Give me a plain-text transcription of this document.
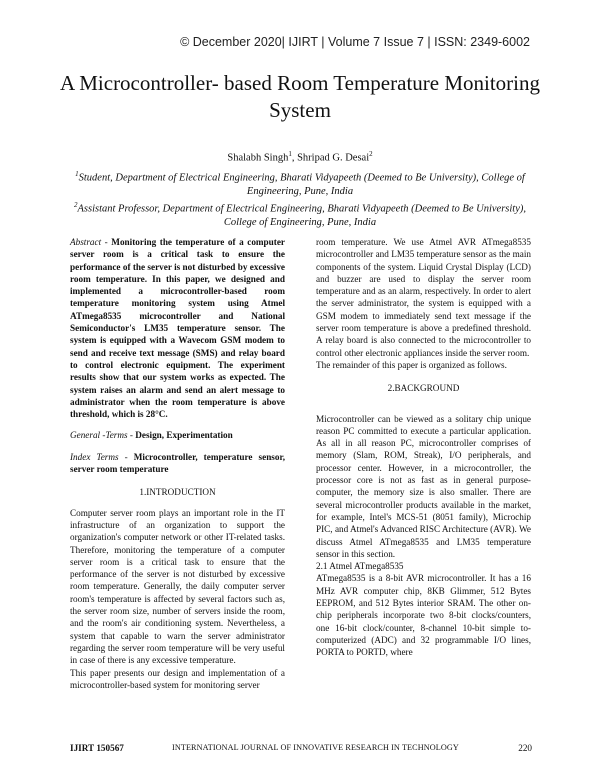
© December 2020| IJIRT | Volume 7 Issue 7 | ISSN: 2349-6002
A Microcontroller- based Room Temperature Monitoring System
Shalabh Singh$^1$, Shripad G. Desai$^2$
$^1$Student, Department of Electrical Engineering, Bharati Vidyapeeth (Deemed to Be University), College of Engineering, Pune, India
$^2$Assistant Professor, Department of Electrical Engineering, Bharati Vidyapeeth (Deemed to Be University), College of Engineering, Pune, India

Abstract - Monitoring the temperature of a computer server room is a critical task to ensure the performance of the server is not disturbed by excessive room temperature. In this paper, we designed and implemented a microcontroller-based room temperature monitoring system using Atmel ATmega8535 microcontroller and National Semiconductor's LM35 temperature sensor. The system is equipped with a Wavecom GSM modem to send and receive text message (SMS) and relay board to control electronic equipment. The experiment results show that our system works as expected. The system raises an alarm and send an alert message to administrator when the room temperature is above threshold, which is 28°C.

General -Terms - Design, Experimentation

Index Terms - Microcontroller, temperature sensor, server room temperature

1.INTRODUCTION

Computer server room plays an important role in the IT infrastructure of an organization to support the organization's computer network or other IT-related tasks. Therefore, monitoring the temperature of a computer server room is a critical task to ensure that the performance of the server is not disturbed by excessive room temperature. Generally, the daily computer server room's temperature is affected by several factors such as, the server room size, number of servers inside the room, and the room's air conditioning system. Nevertheless, a system that capable to warn the server administrator regarding the server room temperature will be very useful in case of there is any excessive temperature.

This paper presents our design and implementation of a microcontroller-based system for monitoring server

room temperature. We use Atmel AVR ATmega8535 microcontroller and LM35 temperature sensor as the main components of the system. Liquid Crystal Display (LCD) and buzzer are used to display the server room temperature and as an alarm, respectively. In order to alert the server administrator, the system is equipped with a GSM modem to immediately send text message if the server room temperature is above a predefined threshold. A relay board is also connected to the microcontroller to control other electronic appliances inside the server room.

The remainder of this paper is organized as follows.

2.BACKGROUND

Microcontroller can be viewed as a solitary chip unique reason PC committed to execute a particular application. As all in all reason PC, microcontroller comprises of memory (Slam, ROM, Streak), I/O peripherals, and processor center. However, in a microcontroller, the processor core is not as fast as in general purpose-computer, the memory size is also smaller. There are several microcontroller products available in the market, for example, Intel's MCS-51 (8051 family), Microchip PIC, and Atmel's Advanced RISC Architecture (AVR). We discuss Atmel ATmega8535 and LM35 temperature sensor in this section.

2.1 Atmel ATmega8535

ATmega8535 is a 8-bit AVR microcontroller. It has a 16 MHz AVR computer chip, 8KB Glimmer, 512 Bytes EEPROM, and 512 Bytes interior SRAM. The other on-chip peripherals incorporate two 8-bit clocks/counters, one 16-bit clock/counter, 8-channel 10-bit simple to-computerized (ADC) and 32 programmable I/O lines, PORTA to PORTD, where

IJIRT 150567	INTERNATIONAL JOURNAL OF INNOVATIVE RESEARCH IN TECHNOLOGY	220
